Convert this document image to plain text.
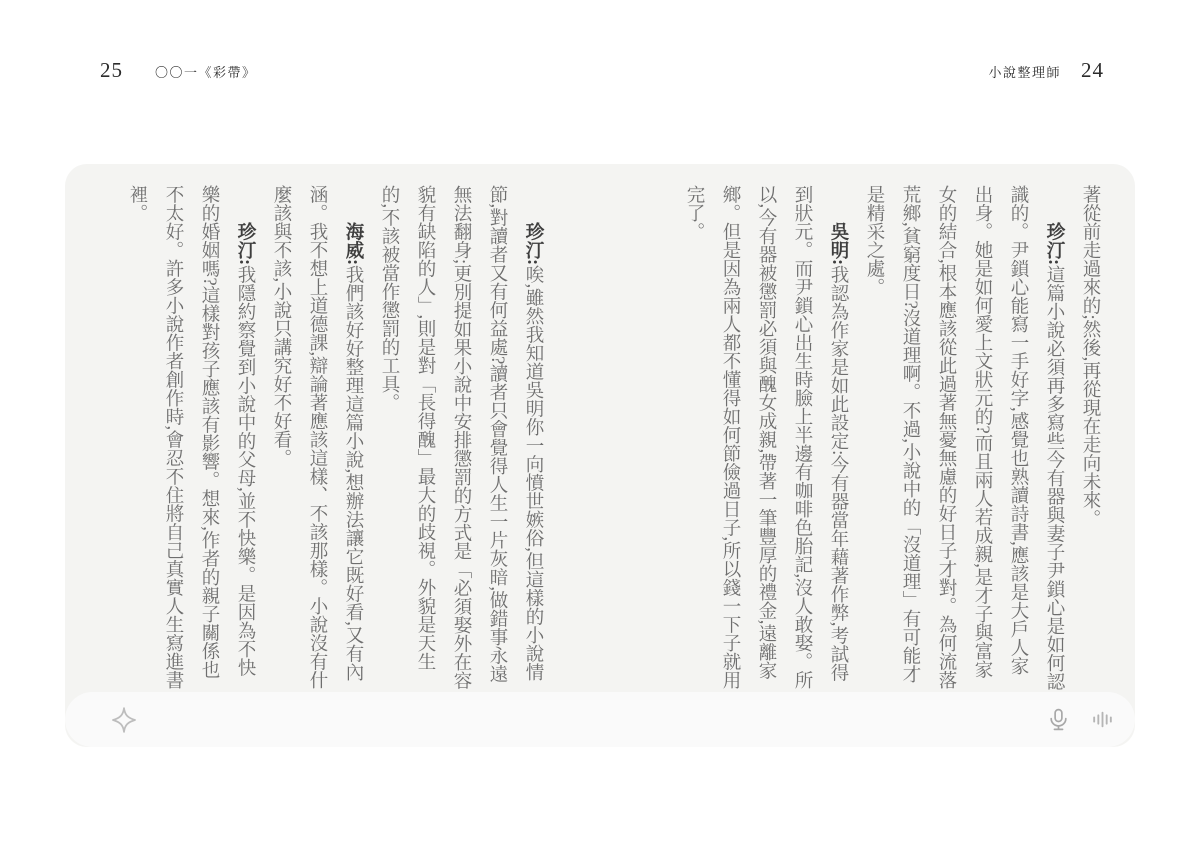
25 〇〇一《彩帶》	小說整理師 24

著從前走過來的;然後,再從現在走向未來。

珍汀:這篇小說必須再多寫些今有器與妻子尹鎖心是如何認識的。尹鎖心能寫一手好字,感覺也熟讀詩書,應該是大戶人家出身。她是如何愛上文狀元的?而且兩人若成親,是才子與富家女的結合,根本應該從此過著無憂無慮的好日子才對。為何流落荒鄉,貧窮度日?沒道理啊。不過,小說中的「沒道理」有可能才是精采之處。

吳明:我認為作家是如此設定:今有器當年藉著作弊,考試得到狀元。而尹鎖心出生時臉上半邊有咖啡色胎記,沒人敢娶。所以,今有器被懲罰必須與醜女成親,帶著一筆豐厚的禮金,遠離家鄉。但是因為兩人都不懂得如何節儉過日子,所以錢一下子就用完了。

珍汀:唉,雖然我知道吳明你一向憤世嫉俗,但這樣的小說情節,對讀者又有何益處?讀者只會覺得人生一片灰暗,做錯事永遠無法翻身;更別提如果小說中安排懲罰的方式是「必須娶外在容貌有缺陷的人」,則是對「長得醜」最大的歧視。外貌是天生的,不該被當作懲罰的工具。

海威:我們該好好整理這篇小說,想辦法讓它既好看,又有內涵。我不想上道德課,辯論著應該這樣、不該那樣。小說沒有什麼該與不該,小說只講究好不好看。

珍汀:我隱約察覺到小說中的父母,並不快樂。是因為不快樂的婚姻嗎?這樣對孩子應該有影響。想來,作者的親子關係也不太好。許多小說作者創作時,會忍不住將自己真實人生寫進書裡。
